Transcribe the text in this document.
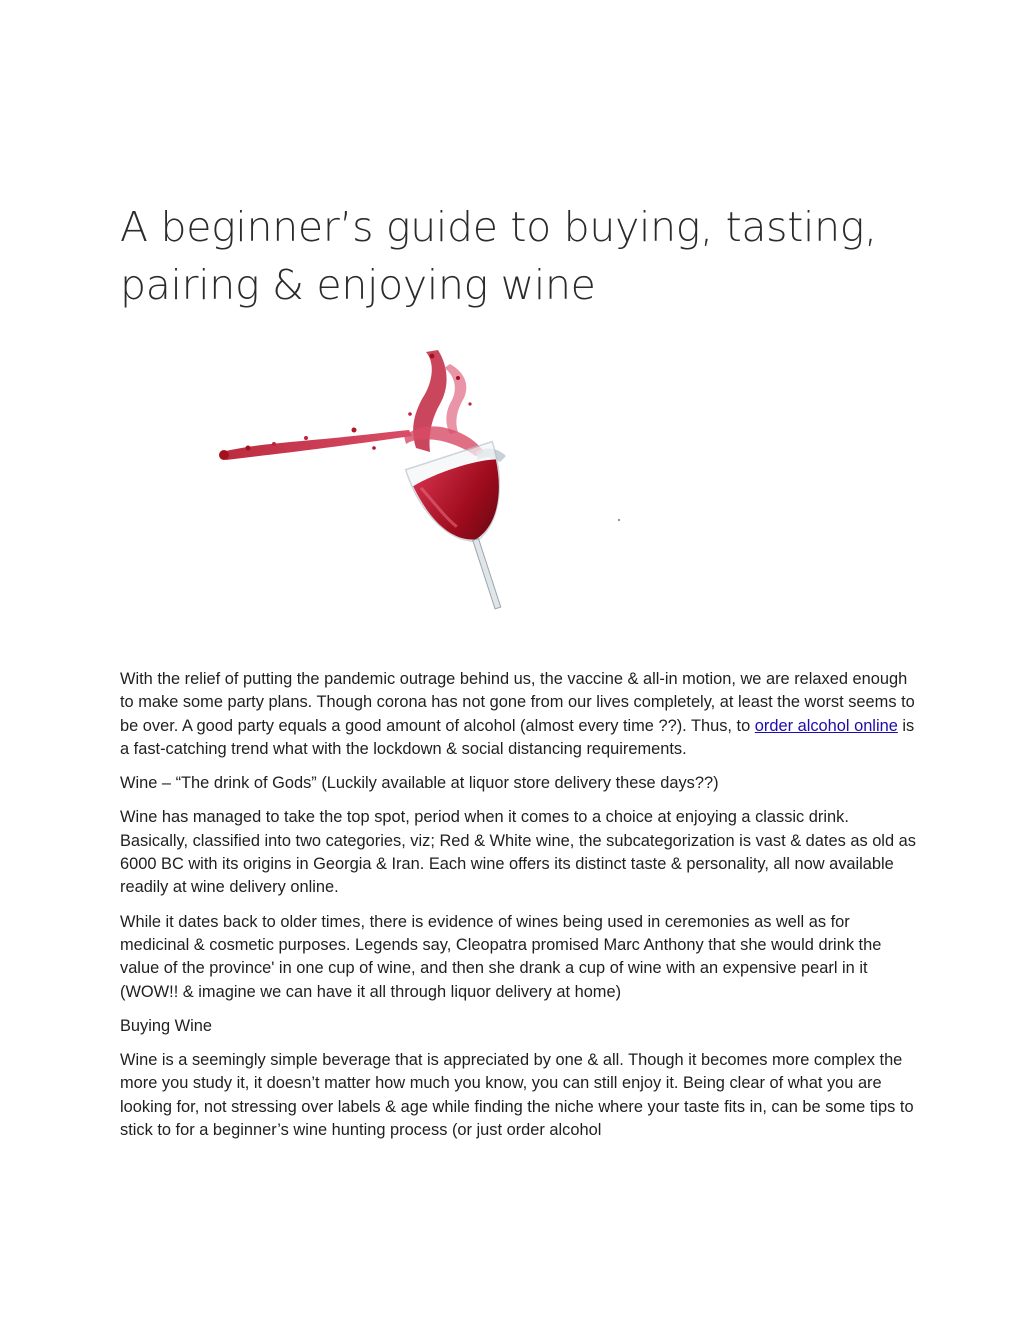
A beginner’s guide to buying, tasting, pairing & enjoying wine

With the relief of putting the pandemic outrage behind us, the vaccine & all-in motion, we are relaxed enough to make some party plans. Though corona has not gone from our lives completely, at least the worst seems to be over. A good party equals a good amount of alcohol (almost every time ??). Thus, to order alcohol online is a fast-catching trend what with the lockdown & social distancing requirements.

Wine – “The drink of Gods” (Luckily available at liquor store delivery these days??)

Wine has managed to take the top spot, period when it comes to a choice at enjoying a classic drink. Basically, classified into two categories, viz; Red & White wine, the subcategorization is vast & dates as old as 6000 BC with its origins in Georgia & Iran. Each wine offers its distinct taste & personality, all now available readily at wine delivery online.

While it dates back to older times, there is evidence of wines being used in ceremonies as well as for medicinal & cosmetic purposes. Legends say, Cleopatra promised Marc Anthony that she would drink the value of the province' in one cup of wine, and then she drank a cup of wine with an expensive pearl in it (WOW!! & imagine we can have it all through liquor delivery at home)

Buying Wine

Wine is a seemingly simple beverage that is appreciated by one & all. Though it becomes more complex the more you study it, it doesn’t matter how much you know, you can still enjoy it. Being clear of what you are looking for, not stressing over labels & age while finding the niche where your taste fits in, can be some tips to stick to for a beginner’s wine hunting process (or just order alcohol
